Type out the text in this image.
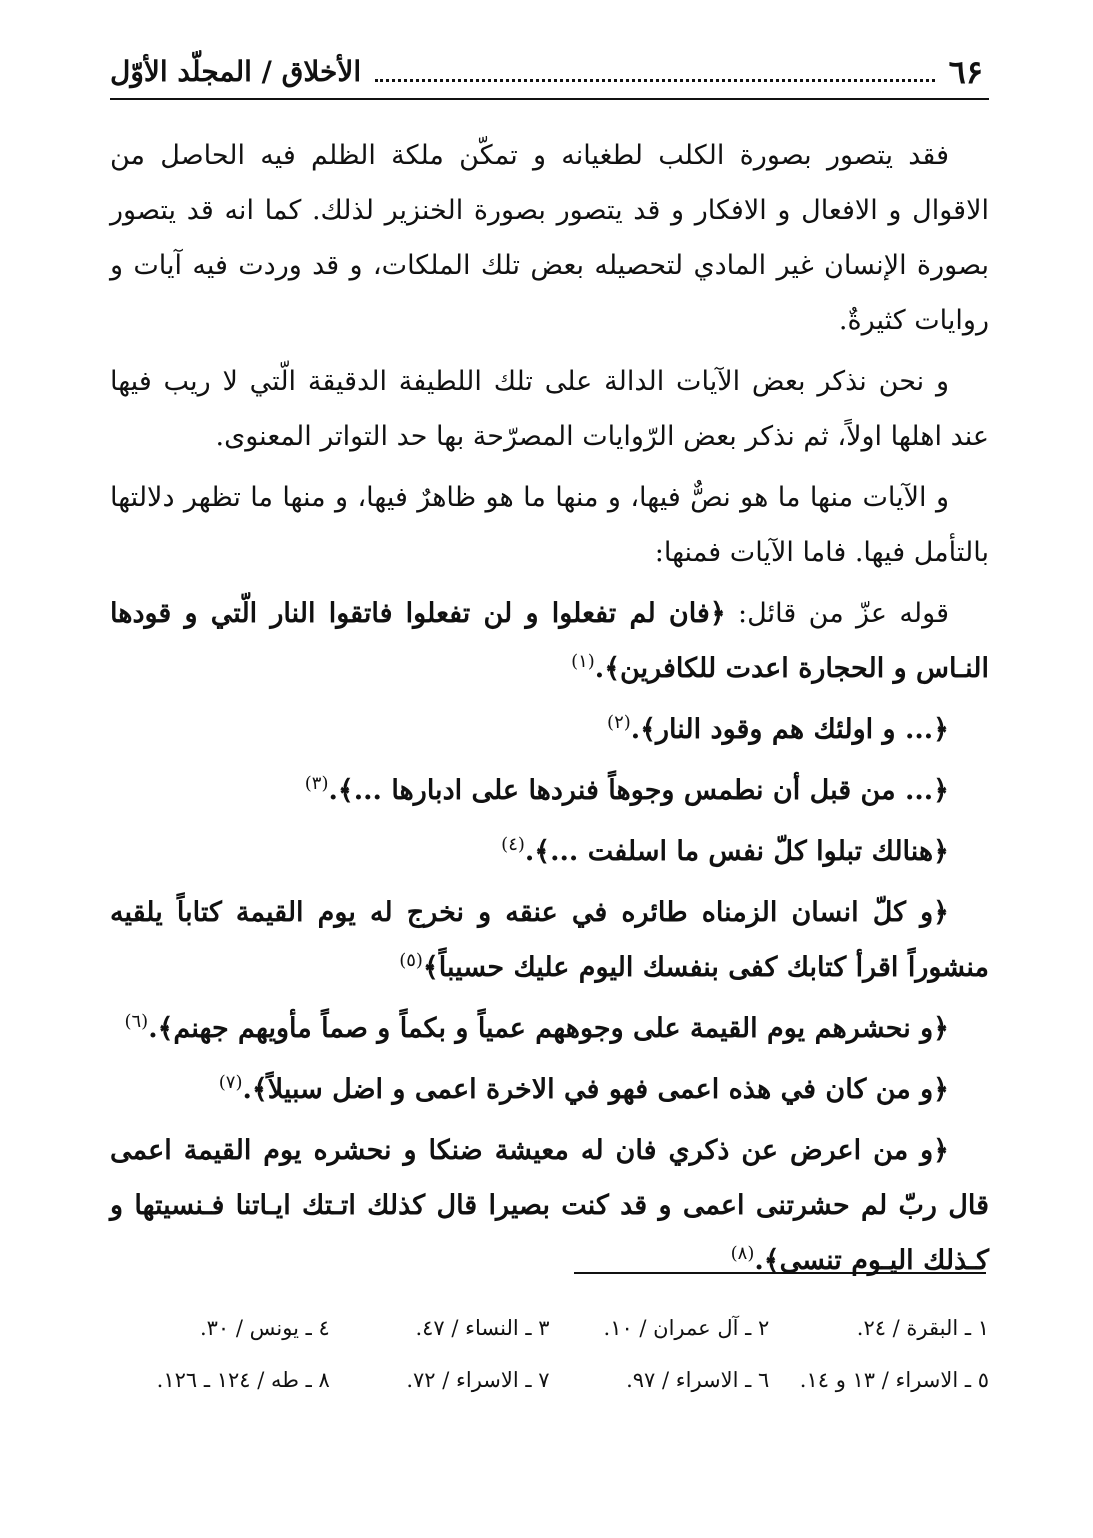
٦۶
الأخلاق / المجلّد الأوّل

فقد يتصور بصورة الكلب لطغيانه و تمكّن ملكة الظلم فيه الحاصل من الاقوال و الافعال و الافكار و قد يتصور بصورة الخنزير لذلك. كما انه قد يتصور بصورة الإنسان غير المادي لتحصيله بعض تلك الملكات، و قد وردت فيه آيات و روايات كثيرةٌ.

و نحن نذكر بعض الآيات الدالة على تلك اللطيفة الدقيقة الّتي لا ريب فيها عند اهلها اولاً، ثم نذكر بعض الرّوايات المصرّحة بها حد التواتر المعنوى.

و الآيات منها ما هو نصٌّ فيها، و منها ما هو ظاهرٌ فيها، و منها ما تظهر دلالتها بالتأمل فيها. فاما الآيات فمنها:

قوله عزّ من قائل: ﴿فان لم تفعلوا و لن تفعلوا فاتقوا النار الّتي و قودها النـاس و الحجارة اعدت للكافرين﴾.$^{(١)}$

﴿... و اولئك هم وقود النار﴾.$^{(٢)}$

﴿... من قبل أن نطمس وجوهاً فنردها على ادبارها ...﴾.$^{(٣)}$

﴿هنالك تبلوا كلّ نفس ما اسلفت ...﴾.$^{(٤)}$

﴿و كلّ انسان الزمناه طائره في عنقه و نخرج له يوم القيمة كتاباً يلقيه منشوراً اقرأ كتابك كفى بنفسك اليوم عليك حسيباً﴾$^{(٥)}$

﴿و نحشرهم يوم القيمة على وجوههم عمياً و بكماً و صماً مأويهم جهنم﴾.$^{(٦)}$

﴿و من كان في هذه اعمى فهو في الاخرة اعمى و اضل سبيلاً﴾.$^{(٧)}$

﴿و من اعرض عن ذكري فان له معيشة ضنكا و نحشره يوم القيمة اعمى قال ربّ لم حشرتنى اعمى و قد كنت بصيرا قال كذلك اتـتك ايـاتنا فـنسيتها و كـذلك اليـوم تنسى﴾.$^{(٨)}$

١ ـ البقرة / ٢٤.
٢ ـ آل عمران / ١٠.
٣ ـ النساء / ٤٧.
٤ ـ يونس / ٣٠.
٥ ـ الاسراء / ١٣ و ١٤.
٦ ـ الاسراء / ٩٧.
٧ ـ الاسراء / ٧٢.
٨ ـ طه / ١٢٤ ـ ١٢٦.
